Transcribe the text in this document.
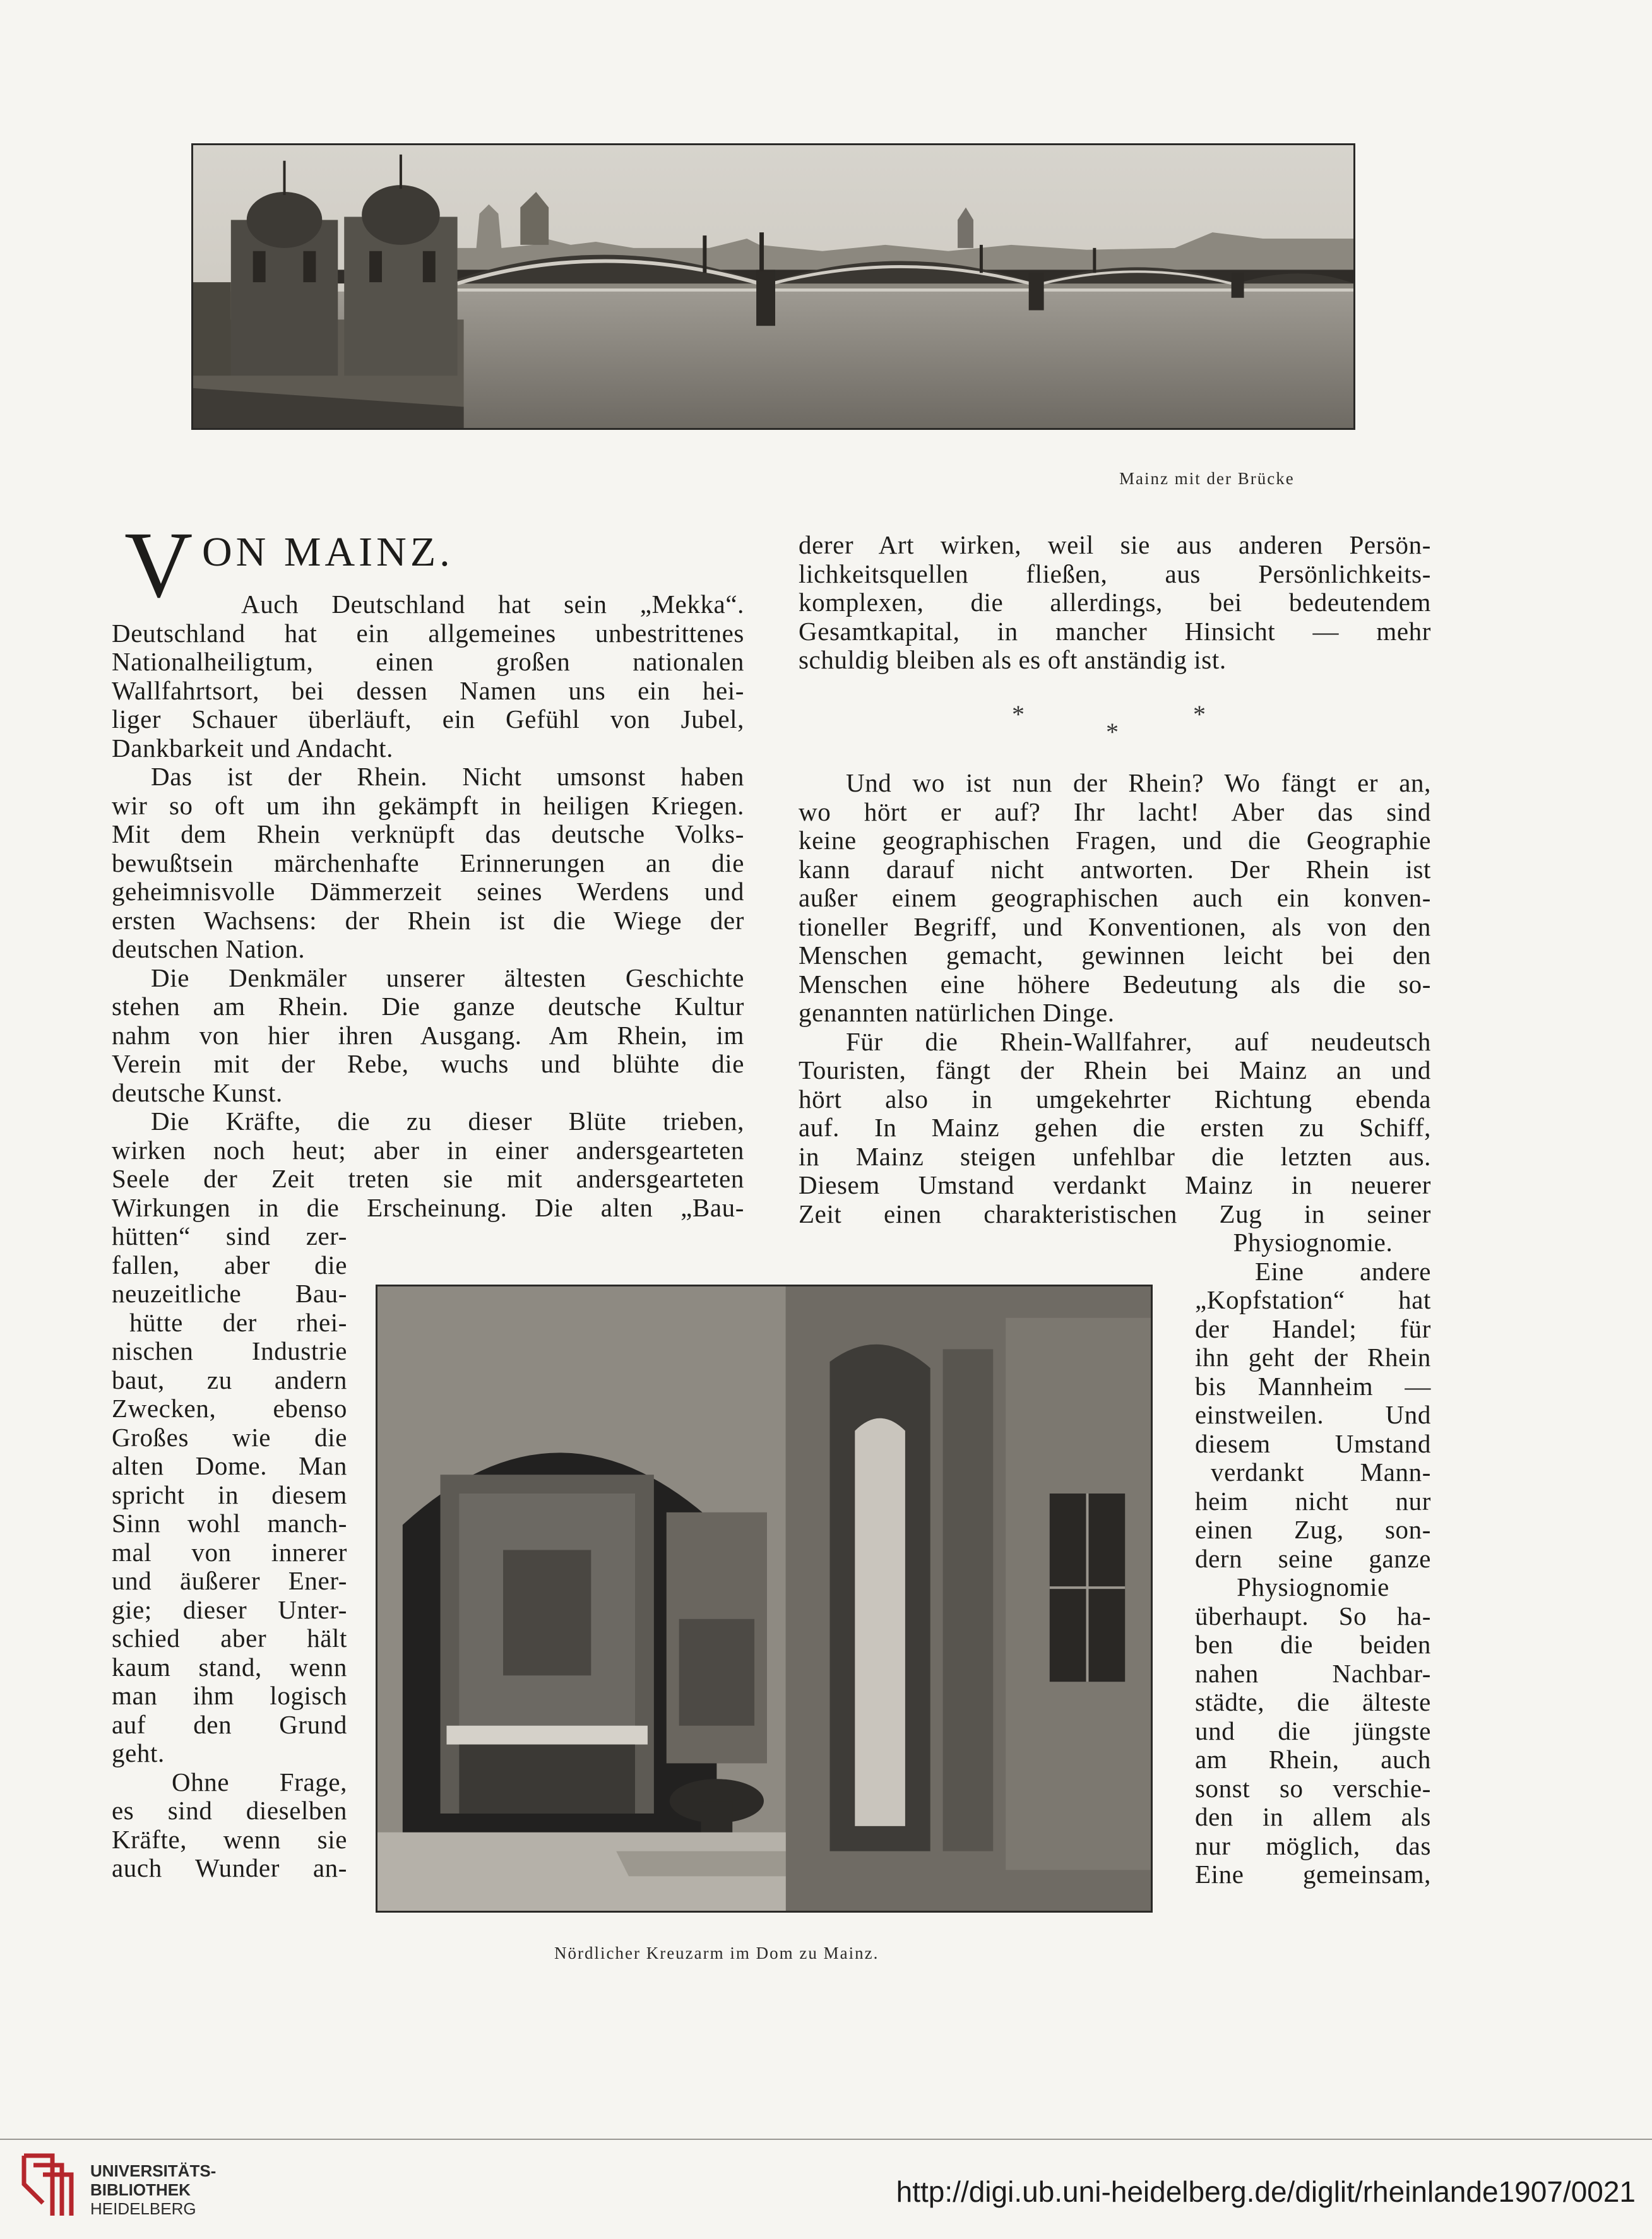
Mainz mit der Brücke
V ON MAINZ.
Auch Deutschland hat sein „Mekka“.
Deutschland hat ein allgemeines unbestrittenes
Nationalheiligtum, einen großen nationalen
Wallfahrtsort, bei dessen Namen uns ein hei-
liger Schauer überläuft, ein Gefühl von Jubel,
Dankbarkeit und Andacht.
Das ist der Rhein. Nicht umsonst haben
wir so oft um ihn gekämpft in heiligen Kriegen.
Mit dem Rhein verknüpft das deutsche Volks-
bewußtsein märchenhafte Erinnerungen an die
geheimnisvolle Dämmerzeit seines Werdens und
ersten Wachsens: der Rhein ist die Wiege der
deutschen Nation.
Die Denkmäler unserer ältesten Geschichte
stehen am Rhein. Die ganze deutsche Kultur
nahm von hier ihren Ausgang. Am Rhein, im
Verein mit der Rebe, wuchs und blühte die
deutsche Kunst.
Die Kräfte, die zu dieser Blüte trieben,
wirken noch heut; aber in einer andersgearteten
Seele der Zeit treten sie mit andersgearteten
Wirkungen in die Erscheinung. Die alten „Bau-
hütten“ sind zer-
fallen, aber die
neuzeitliche Bau-
hütte der rhei-
nischen Industrie
baut, zu andern
Zwecken, ebenso
Großes wie die
alten Dome. Man
spricht in diesem
Sinn wohl manch-
mal von innerer
und äußerer Ener-
gie; dieser Unter-
schied aber hält
kaum stand, wenn
man ihm logisch
auf den Grund
geht.
Ohne Frage,
es sind dieselben
Kräfte, wenn sie
auch Wunder an-
derer Art wirken, weil sie aus anderen Persön-
lichkeitsquellen fließen, aus Persönlichkeits-
komplexen, die allerdings, bei bedeutendem
Gesamtkapital, in mancher Hinsicht — mehr
schuldig bleiben als es oft anständig ist.
*
*
*
Und wo ist nun der Rhein? Wo fängt er an,
wo hört er auf? Ihr lacht! Aber das sind
keine geographischen Fragen, und die Geographie
kann darauf nicht antworten. Der Rhein ist
außer einem geographischen auch ein konven-
tioneller Begriff, und Konventionen, als von den
Menschen gemacht, gewinnen leicht bei den
Menschen eine höhere Bedeutung als die so-
genannten natürlichen Dinge.
Für die Rhein-Wallfahrer, auf neudeutsch
Touristen, fängt der Rhein bei Mainz an und
hört also in umgekehrter Richtung ebenda
auf. In Mainz gehen die ersten zu Schiff,
in Mainz steigen unfehlbar die letzten aus.
Diesem Umstand verdankt Mainz in neuerer
Zeit einen charakteristischen Zug in seiner
Physiognomie.
Eine andere
„Kopfstation“ hat
der Handel; für
ihn geht der Rhein
bis Mannheim —
einstweilen. Und
diesem Umstand
verdankt Mann-
heim nicht nur
einen Zug, son-
dern seine ganze
Physiognomie
überhaupt. So ha-
ben die beiden
nahen Nachbar-
städte, die älteste
und die jüngste
am Rhein, auch
sonst so verschie-
den in allem als
nur möglich, das
Eine gemeinsam,
Nördlicher Kreuzarm im Dom zu Mainz.
UNIVERSITÄTS-
BIBLIOTHEK
HEIDELBERG
http://digi.ub.uni-heidelberg.de/diglit/rheinlande1907/0021
